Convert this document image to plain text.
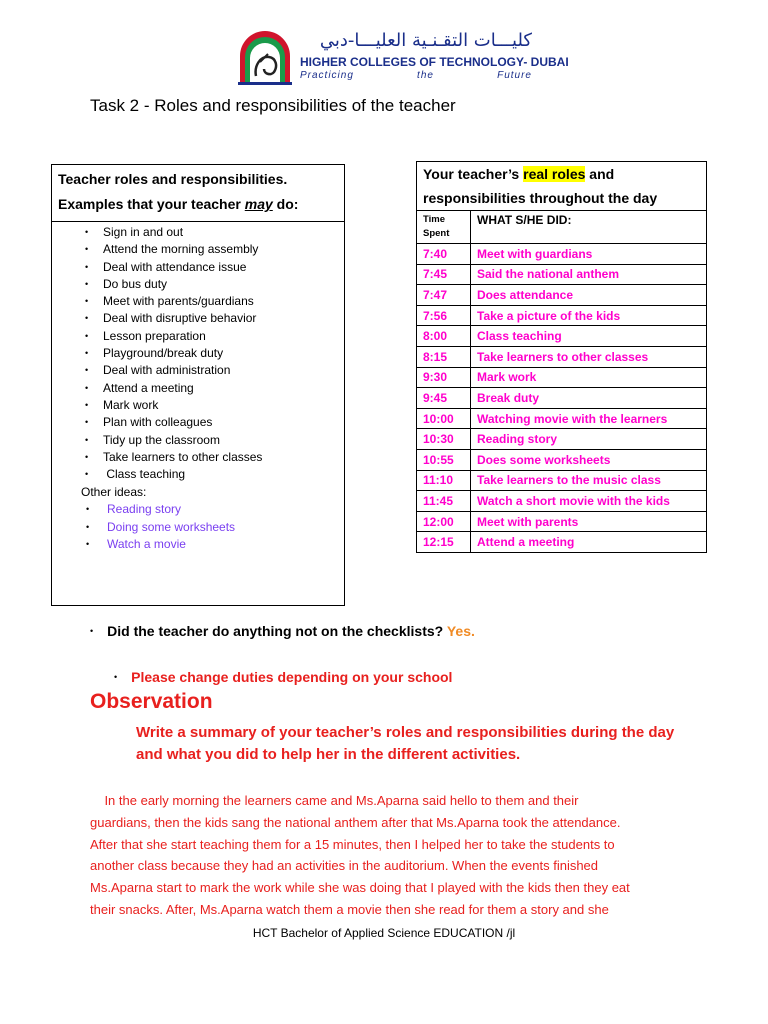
كليـــات التقـنـية العليـــا-دبي
HIGHER COLLEGES OF TECHNOLOGY- DUBAI
Practicing	the	Future
Task 2 - Roles and responsibilities of the teacher
Teacher roles and responsibilities.
Examples that your teacher may do:
• Sign in and out
• Attend the morning assembly
• Deal with attendance issue
• Do bus duty
• Meet with parents/guardians
• Deal with disruptive behavior
• Lesson preparation
• Playground/break duty
• Deal with administration
• Attend a meeting
• Mark work
• Plan with colleagues
• Tidy up the classroom
• Take learners to other classes
•  Class teaching
Other ideas:
• Reading story
• Doing some worksheets
• Watch a movie
Your teacher’s real roles and
responsibilities throughout the day	

Time
Spent	WHAT S/HE DID:
7:40	Meet with guardians
7:45	Said the national anthem
7:47	Does attendance
7:56	Take a picture of the kids
8:00	Class teaching
8:15	Take learners to other classes
9:30	Mark work
9:45	Break duty
10:00	Watching movie with the learners
10:30	Reading story
10:55	Does some worksheets
11:10	Take learners to the music class
11:45	Watch a short movie with the kids
12:00	Meet with parents
12:15	Attend a meeting
• Did the teacher do anything not on the checklists? Yes.
• Please change duties depending on your school
Observation
Write a summary of your teacher’s roles and responsibilities during the day and what you did to help her in the different activities.
In the early morning the learners came and Ms.Aparna said hello to them and their
guardians, then the kids sang the national anthem after that Ms.Aparna took the attendance.
After that she start teaching them for a 15 minutes, then I helped her to take the students to
another class because they had an activities in the auditorium. When the events finished
Ms.Aparna start to mark the work while she was doing that I played with the kids then they eat
their snacks. After, Ms.Aparna watch them a movie then she read for them a story and she
HCT Bachelor of Applied Science EDUCATION /jl
